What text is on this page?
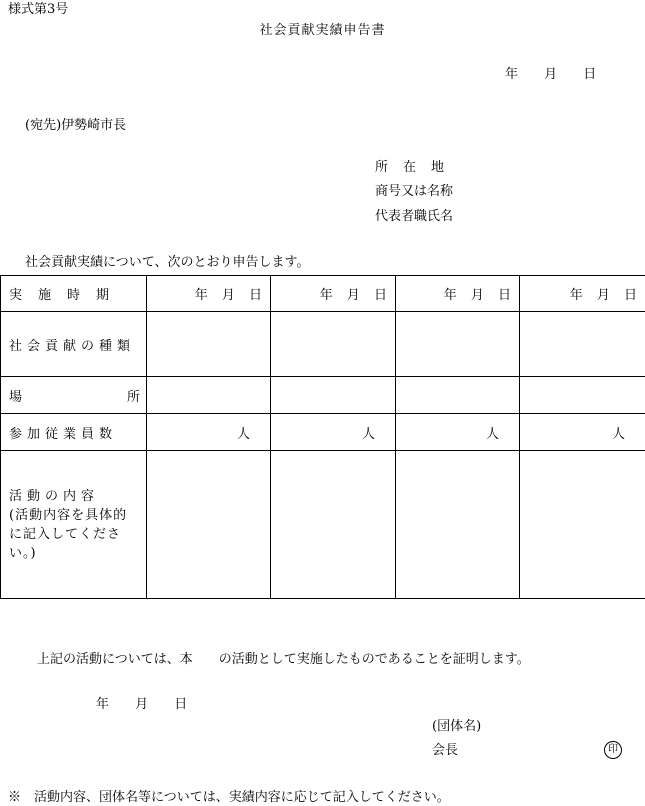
様式第3号
社会貢献実績申告書
年 月 日
(宛先)伊勢崎市長
所在地
商号又は名称
代表者職氏名
社会貢献実績について、次のとおり申告します。
実施時期	年 月 日	年 月 日	年 月 日	年 月 日
社会貢献の種類				

場 所				

参加従業員数	人	人	人	人

活動の内容
(活動内容を具体的に記入してください。)				

上記の活動については、本　　の活動として実施したものであることを証明します。
年 月 日
(団体名)
会長	印
※　活動内容、団体名等については、実績内容に応じて記入してください。
